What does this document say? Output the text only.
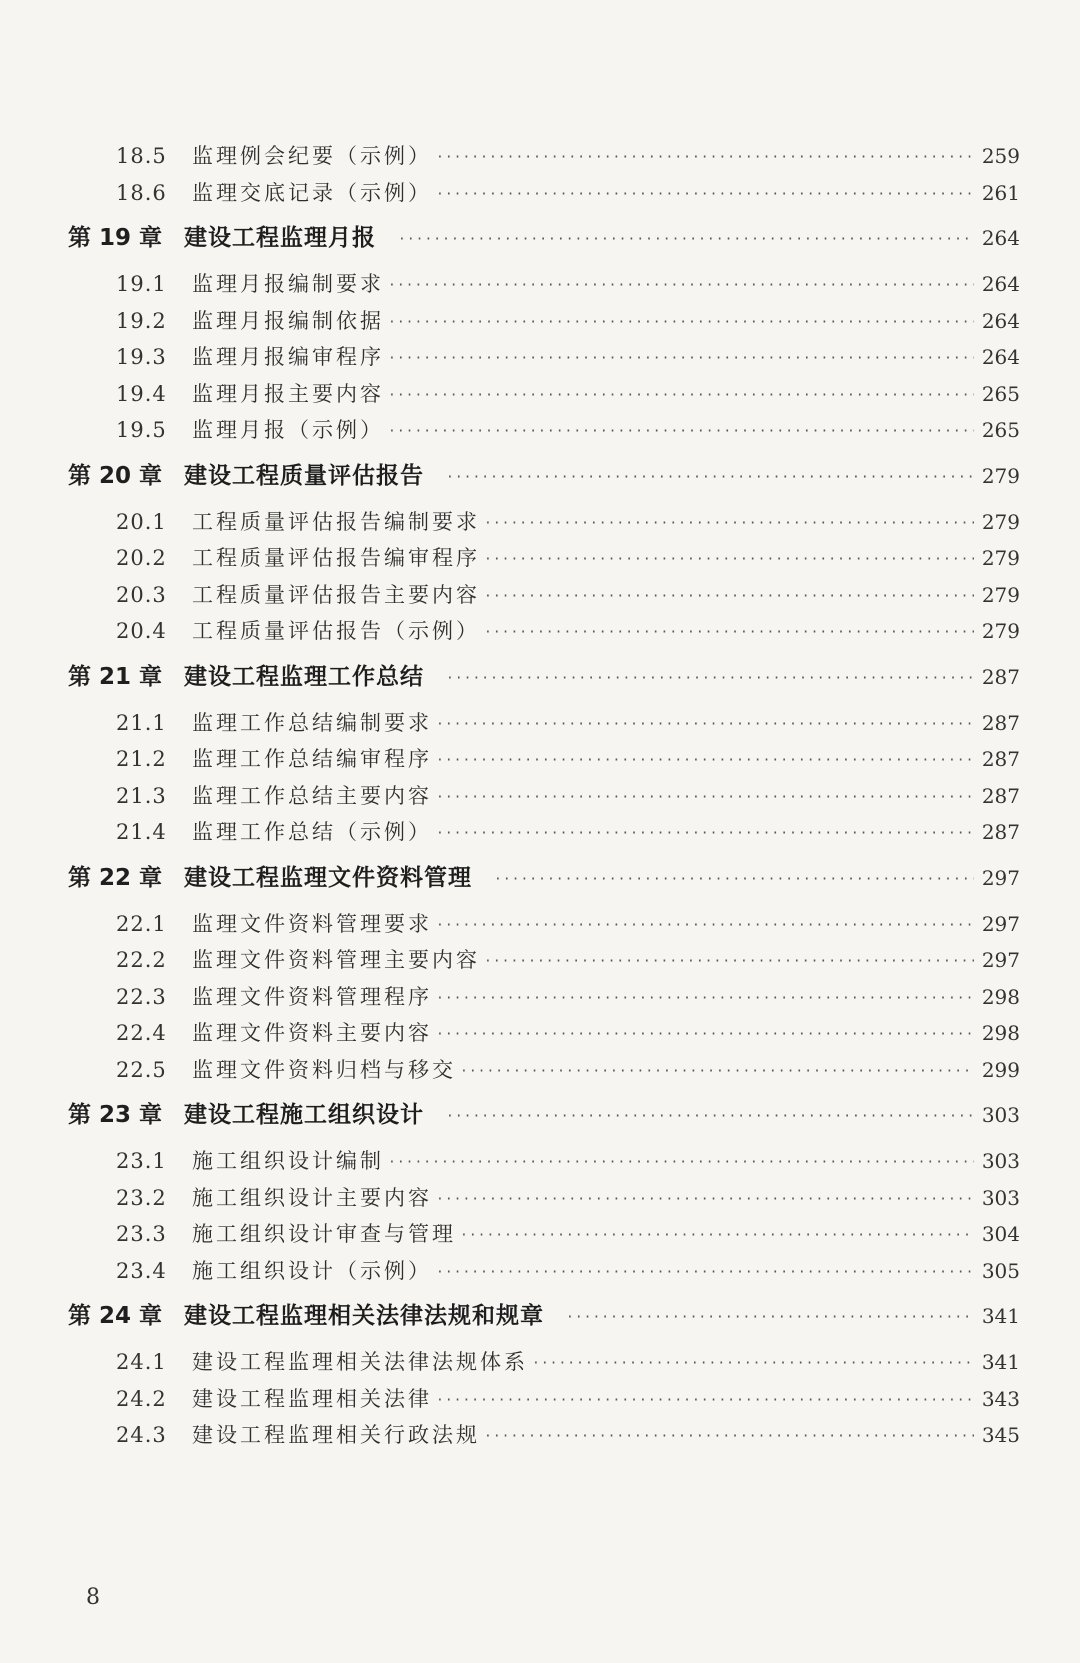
18.5	监理例会纪要（示例） ·····	259
18.6	监理交底记录（示例） ·····	261
第 19 章 建设工程监理月报 ·····	264
19.1	监理月报编制要求 ·····	264
19.2	监理月报编制依据 ·····	264
19.3	监理月报编审程序 ·····	264
19.4	监理月报主要内容 ·····	265
19.5	监理月报（示例） ·····	265
第 20 章 建设工程质量评估报告 ·····	279
20.1	工程质量评估报告编制要求 ·····	279
20.2	工程质量评估报告编审程序 ·····	279
20.3	工程质量评估报告主要内容 ·····	279
20.4	工程质量评估报告（示例） ·····	279
第 21 章 建设工程监理工作总结 ·····	287
21.1	监理工作总结编制要求 ·····	287
21.2	监理工作总结编审程序 ·····	287
21.3	监理工作总结主要内容 ·····	287
21.4	监理工作总结（示例） ·····	287
第 22 章 建设工程监理文件资料管理 ·····	297
22.1	监理文件资料管理要求 ·····	297
22.2	监理文件资料管理主要内容 ·····	297
22.3	监理文件资料管理程序 ·····	298
22.4	监理文件资料主要内容 ·····	298
22.5	监理文件资料归档与移交 ·····	299
第 23 章 建设工程施工组织设计 ·····	303
23.1	施工组织设计编制 ·····	303
23.2	施工组织设计主要内容 ·····	303
23.3	施工组织设计审查与管理 ·····	304
23.4	施工组织设计（示例） ·····	305
第 24 章 建设工程监理相关法律法规和规章 ·····	341
24.1	建设工程监理相关法律法规体系 ·····	341
24.2	建设工程监理相关法律 ·····	343
24.3	建设工程监理相关行政法规 ·····	345
8
